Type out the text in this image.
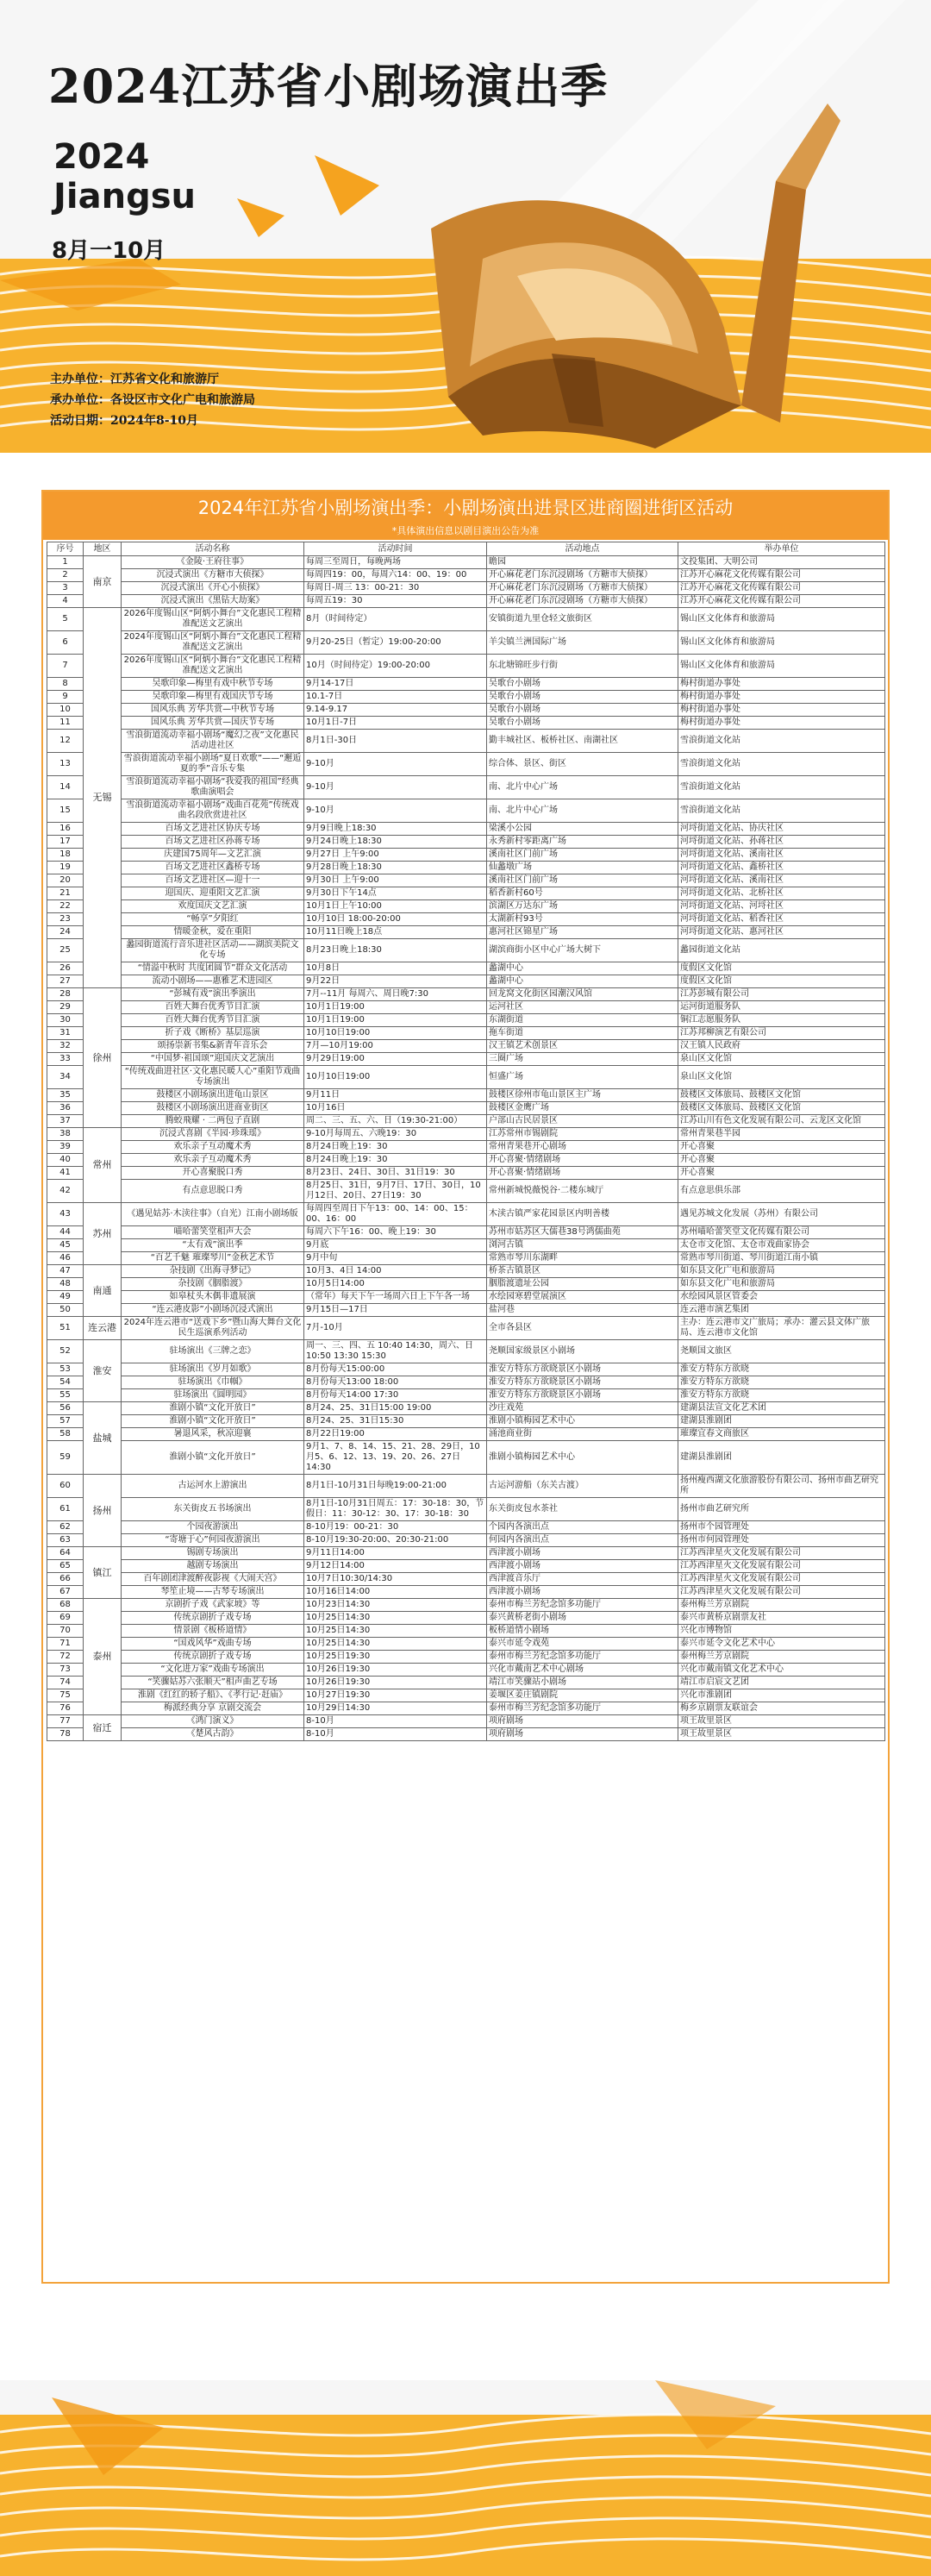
2024江苏省小剧场演出季
2024
Jiangsu
8月一10月
主办单位：江苏省文化和旅游厅
承办单位：各设区市文化广电和旅游局
活动日期：2024年8-10月
2024年江苏省小剧场演出季：小剧场演出进景区进商圈进街区活动
*具体演出信息以剧目演出公告为准
序号	地区	活动名称	活动时间	活动地点	举办单位
1	南京	《金陵·王府往事》	每周三至周日，每晚两场	瞻园	文投集团、大明公司
2		沉浸式演出《方糖市大侦探》	每周四19：00，每周六14：00、19：00	开心麻花老门东沉浸剧场（方糖市大侦探）	江苏开心麻花文化传媒有限公司
3		沉浸式演出《开心小侦探》	每周日-周三 13：00-21：30	开心麻花老门东沉浸剧场（方糖市大侦探）	江苏开心麻花文化传媒有限公司
4		沉浸式演出《黑钻大劫案》	每周五19：30	开心麻花老门东沉浸剧场（方糖市大侦探）	江苏开心麻花文化传媒有限公司
5	无锡	2026年度锡山区“阿炳小舞台”文化惠民工程精准配送文艺演出	8月（时间待定）	安镇街道九里仓轻文旅街区	锡山区文化体育和旅游局
6		2024年度锡山区“阿炳小舞台”文化惠民工程精准配送文艺演出	9月20-25日（暂定）19:00-20:00	羊尖镇兰洲国际广场	锡山区文化体育和旅游局
7		2026年度锡山区“阿炳小舞台”文化惠民工程精准配送文艺演出	10月（时间待定）19:00-20:00	东北塘锦旺步行街	锡山区文化体育和旅游局
8		吴歌印象—梅里有戏中秋节专场	9月14-17日	吴歌台小剧场	梅村街道办事处
9		吴歌印象—梅里有戏国庆节专场	10.1-7日	吴歌台小剧场	梅村街道办事处
10		国风乐典 芳华共赏—中秋节专场	9.14-9.17	吴歌台小剧场	梅村街道办事处
11		国风乐典 芳华共赏—国庆节专场	10月1日-7日	吴歌台小剧场	梅村街道办事处
12		雪浪街道流动幸福小剧场“魔幻之夜”文化惠民活动进社区	8月1日-30日	勤丰城社区、板桥社区、南湖社区	雪浪街道文化站
13		雪浪街道流动幸福小剧场“夏日欢歌”——“邂逅夏的季”音乐专集	9-10月	综合体、景区、街区	雪浪街道文化站
14		雪浪街道流动幸福小剧场“我爱我的祖国”经典歌曲演唱会	9-10月	南、北片中心广场	雪浪街道文化站
15		雪浪街道流动幸福小剧场“戏曲百花苑”传统戏曲名段欣赏进社区	9-10月	南、北片中心广场	雪浪街道文化站
16		百场文艺进社区协庆专场	9月9日晚上18:30	梁溪小公园	河埒街道文化站、协庆社区
17		百场文艺进社区孙蒋专场	9月24日晚上18:30	永秀新村零距离广场	河埒街道文化站、孙蒋社区
18		庆建国75周年—文艺汇演	9月27日 上午9:00	溪南社区门前广场	河埒街道文化站、溪南社区
19		百场文艺进社区鑫桥专场	9月28日晚上18:30	仙蠡墩广场	河埒街道文化站、鑫桥社区
20		百场文艺进社区—迎十一	9月30日 上午9:00	溪南社区门前广场	河埒街道文化站、溪南社区
21		迎国庆、迎重阳文艺汇演	9月30日下午14点	稻香新村60号	河埒街道文化站、北桥社区
22		欢度国庆文艺汇演	10月1日上午10:00	滨湖区万达东广场	河埒街道文化站、河埒社区
23		“畅享”夕阳红	10月10日 18:00-20:00	太湖新村93号	河埒街道文化站、稻香社区
24		情暖金秋，爱在重阳	10月11日晚上18点	惠河社区锦星广场	河埒街道文化站、惠河社区
25		蠡园街道流行音乐进社区活动——湖滨美院文化专场	8月23日晚上18:30	湖滨商街小区中心广场大树下	蠡园街道文化站
26		“情溢中秋时 共度团圆节”群众文化活动	10月8日	蠡湖中心	度假区文化馆
27		流动小剧场——惠雅艺术进园区	9月22日	蠡湖中心	度假区文化馆
28	徐州	“彭城有戏”演出季演出	7月--11月 每周六、周日晚7:30	回龙窝文化街区园潮汉风馆	江苏彭城有限公司
29		百姓大舞台优秀节目汇演	10月1日19:00	运河社区	运河街道服务队
30		百姓大舞台优秀节目汇演	10月1日19:00	东湖街道	铜江志愿服务队
31		折子戏《断桥》基层巡演	10月10日19:00	拖车街道	江苏邦柳演艺有限公司
32		颂扬崇新书集&新青年音乐会	7月—10月19:00	汉王镇艺术创景区	汉王镇人民政府
33		“中国梦·祖国颂”迎国庆文艺演出	9月29日19:00	三圈广场	泉山区文化馆
34		“传统戏曲进社区·文化惠民暖人心”重阳节戏曲专场演出	10月10日19:00	恒盛广场	泉山区文化馆
35		鼓楼区小剧场演出进龟山景区	9月11日	鼓楼区徐州市龟山景区主广场	鼓楼区文体旅局、鼓楼区文化馆
36		鼓楼区小剧场演出进商业街区	10月16日	鼓楼区金鹰广场	鼓楼区文体旅局、鼓楼区文化馆
37		腾蛟飛耀 · 二两包子直剧	周二、三、五、六、日（19:30-21:00）	户部山古民居景区	江苏山川有色文化发展有限公司、云龙区文化馆
38	常州	沉浸式喜剧《半园·珍珠瑶》	9-10月每周五、六晚19：30	江苏常州市锡剧院	常州青果巷半园
39		欢乐亲子互动魔术秀	8月24日晚上19：30	常州青果巷开心剧场	开心喜聚
40		欢乐亲子互动魔术秀	8月24日晚上19：30	开心喜聚·情绪剧场	开心喜聚
41		开心喜聚脱口秀	8月23日、24日、30日、31日19：30	开心喜聚·情绪剧场	开心喜聚
42		有点意思脱口秀	8月25日、31日，9月7日、17日、30日，10月12日、20日、27日19：30	常州新城悦薇悦谷·二楼东城厅	有点意思俱乐部
43	苏州	《遇见姑苏·木渎往事》（自光）江南小剧场版	每周四至周日下午13：00、14：00、15：00、16：00	木渎古镇严家花园景区内明善楼	遇见苏城文化发展（苏州）有限公司
44		喵哈蕾笑堂相声大会	每周六下午16：00、晚上19：30	苏州市姑苏区大儒巷38号鸿儒曲苑	苏州喵哈蕾笑堂文化传媒有限公司
45		“太有戏”演出季	9月底	浏河古镇	太仓市文化馆、太仓市戏曲家协会
46		“百艺千魅 璀璨琴川”金秋艺术节	9月中旬	常熟市琴川东湖畔	常熟市琴川街道、琴川街道江南小镇
47	南通	杂技剧《出海寻梦记》	10月3、4日 14:00	桥茶古镇景区	如东县文化广电和旅游局
48		杂技剧《胭脂渡》	10月5日14:00	胭脂渡遗址公园	如东县文化广电和旅游局
49		如皋杖头木偶非遗展演	（常年）每天下午一场周六日上下午各一场	水绘园寒碧堂展演区	水绘园风景区管委会
50		“连云港皮影”小剧场沉浸式演出	9月15日—17日	盐河巷	连云港市演艺集团
51	连云港	2024年连云港市“送戏下乡”暨山海大舞台文化民生巡演系列活动	7月-10月	全市各县区	主办：连云港市文广旅局；承办：灌云县文体广旅局、连云港市文化馆
52	淮安	驻场演出《三牌之恋》	周一、三、四、五 10:40 14:30，周六、日 10:50 13:30 15:30	尧顺国家级景区小剧场	尧顺国文旅区
53		驻场演出《岁月如歌》	8月份每天15:00:00	淮安方特东方欲晓景区小剧场	淮安方特东方欲晓
54		驻场演出《巾帼》	8月份每天13:00 18:00	淮安方特东方欲晓景区小剧场	淮安方特东方欲晓
55		驻场演出《圆明园》	8月份每天14:00 17:30	淮安方特东方欲晓景区小剧场	淮安方特东方欲晓
56	盐城	淮剧小镇“文化开放日”	8月24、25、31日15:00 19:00	沙庄戏苑	建湖县法宣文化艺术团
57		淮剧小镇“文化开放日”	8月24、25、31日15:30	淮剧小镇梅园艺术中心	建湖县淮剧团
58		暑退风采，秋凉迎襄	8月22日19:00	涌池商业街	璀璨宜春文商旅区
59		淮剧小镇“文化开放日”	9月1、7、8、14、15、21、28、29日，10月5、6、12、13、19、20、26、27日14:30	淮剧小镇梅园艺术中心	建湖县淮剧团
60	扬州	古运河水上游演出	8月1日-10月31日每晚19:00-21:00	古运河游船（东关古渡）	扬州瘦西湖文化旅游股份有限公司、扬州市曲艺研究所
61		东关街皮五书场演出	8月1日-10月31日周五：17：30-18：30，节假日：11：30-12：30、17：30-18：30	东关街皮包水茶社	扬州市曲艺研究所
62		个园夜游演出	8-10月19：00-21：30	个园内各演出点	扬州市个园管理处
63		“寄塘于心”何园夜游演出	8-10月19:30-20:00、20:30-21:00	何园内各演出点	扬州市何园管理处
64	镇江	锡剧专场演出	9月11日14:00	西津渡小剧场	江苏西津星火文化发展有限公司
65		越剧专场演出	9月12日14:00	西津渡小剧场	江苏西津星火文化发展有限公司
66		百年剧团津渡醉夜影视《大闹天宫》	10月7日10:30/14:30	西津渡音乐厅	江苏西津星火文化发展有限公司
67		琴笙止境——古琴专场演出	10月16日14:00	西津渡小剧场	江苏西津星火文化发展有限公司
68	泰州	京剧折子戏《武家坡》等	10月23日14:30	泰州市梅兰芳纪念馆多功能厅	泰州梅兰芳京剧院
69		传统京剧折子戏专场	10月25日14:30	泰兴黄桥老街小剧场	泰兴市黄桥京剧票友社
70		情景剧《板桥道情》	10月25日14:30	板桥道情小剧场	兴化市博物馆
71		“国戏风华”戏曲专场	10月25日14:30	泰兴市延令戏苑	泰兴市延令文化艺术中心
72		传统京剧折子戏专场	10月25日19:30	泰州市梅兰芳纪念馆多功能厅	泰州梅兰芳京剧院
73		“文化进万家”戏曲专场演出	10月26日19:30	兴化市戴南艺术中心剧场	兴化市戴南镇文化艺术中心
74		“笑骤姑苏六张顺天”相声曲艺专场	10月26日19:30	靖江市笑骤站小剧场	靖江市启宸文艺团
75		淮剧《红红的轿子船》、《孝行记·赶庙》	10月27日19:30	姜堰区姜庄镇剧院	兴化市淮剧团
76		梅派经典分享 京剧交流会	10月29日14:30	泰州市梅兰芳纪念馆多功能厅	梅乡京剧票友联谊会
77	宿迁	《鸿门演义》	8-10月	项府剧场	项王故里景区
78		《楚风古韵》	8-10月	项府剧场	项王故里景区
